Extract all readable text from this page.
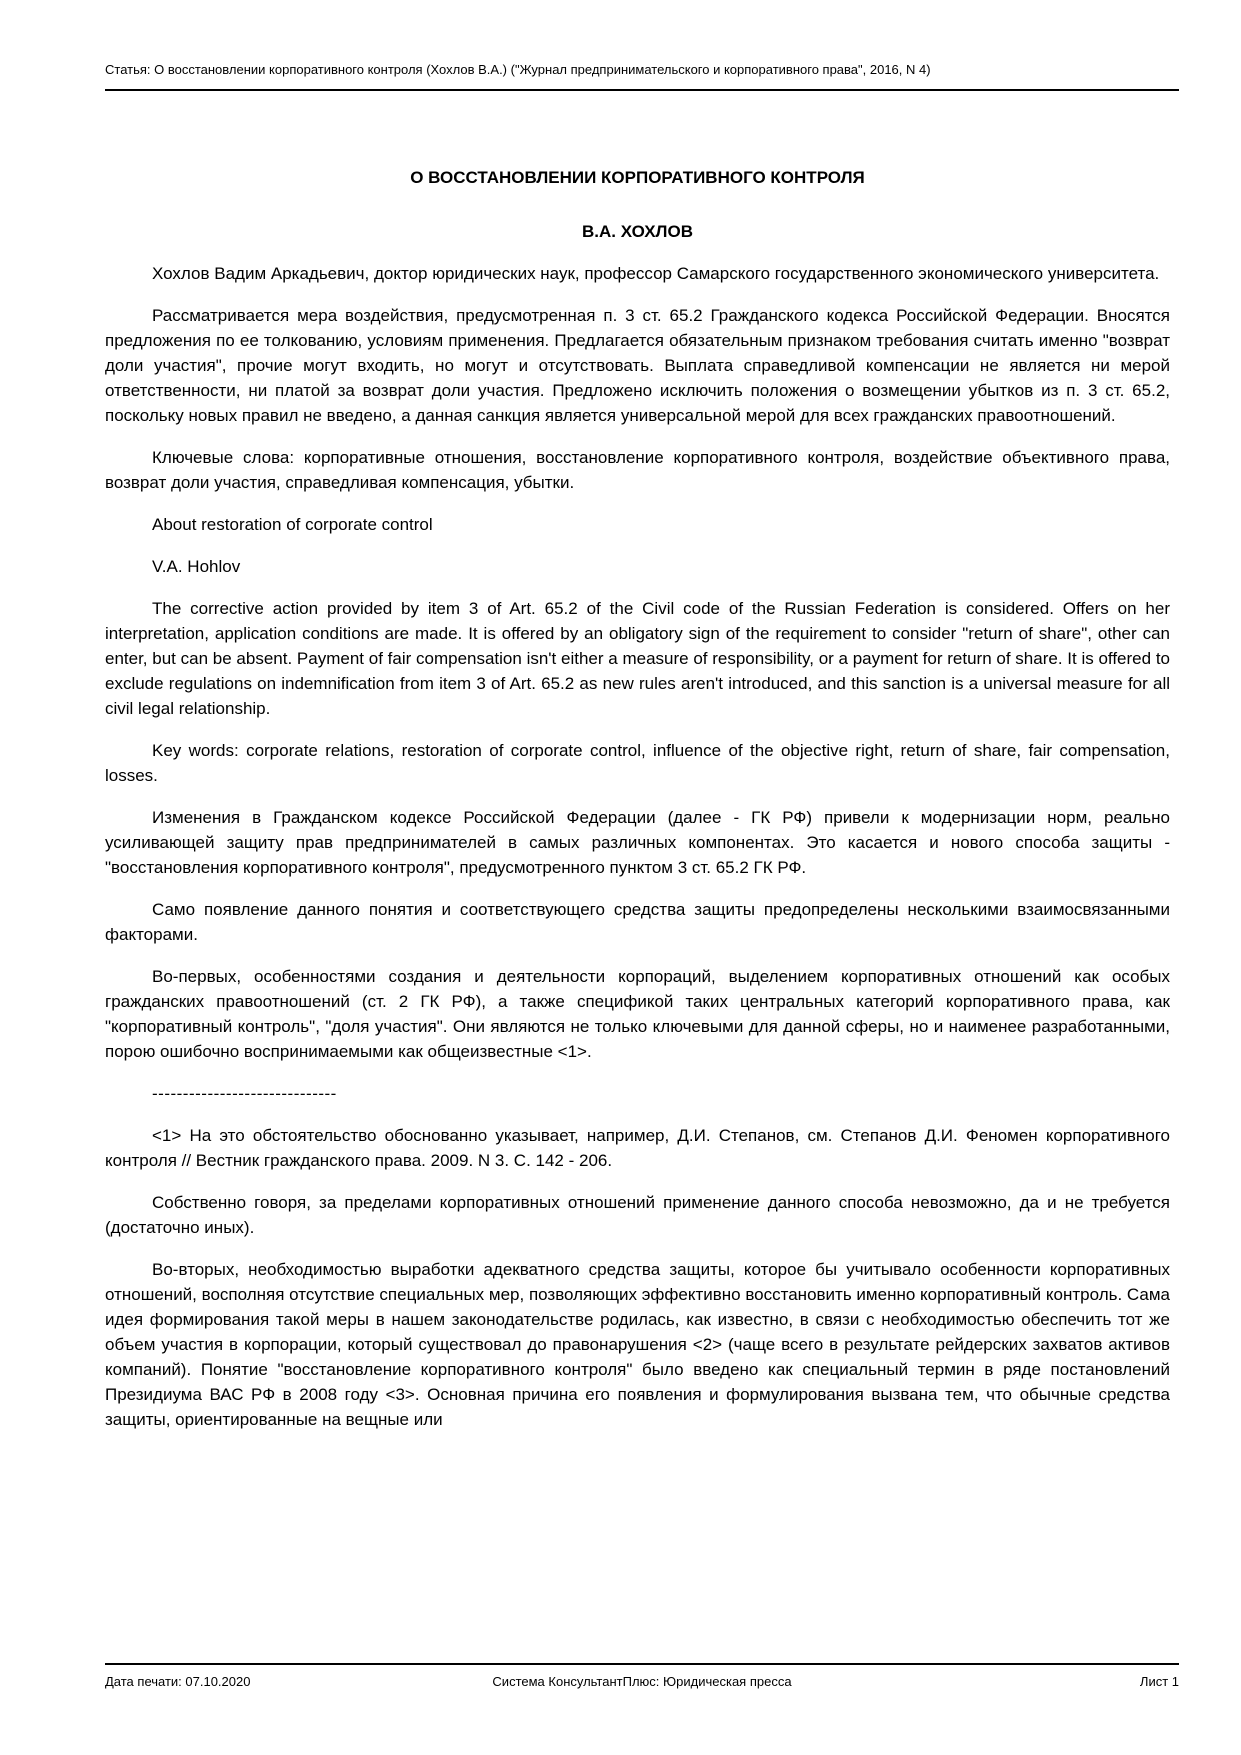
Статья: О восстановлении корпоративного контроля (Хохлов В.А.) ("Журнал предпринимательского и корпоративного права", 2016, N 4)

О ВОССТАНОВЛЕНИИ КОРПОРАТИВНОГО КОНТРОЛЯ

В.А. ХОХЛОВ

Хохлов Вадим Аркадьевич, доктор юридических наук, профессор Самарского государственного экономического университета.

Рассматривается мера воздействия, предусмотренная п. 3 ст. 65.2 Гражданского кодекса Российской Федерации. Вносятся предложения по ее толкованию, условиям применения. Предлагается обязательным признаком требования считать именно "возврат доли участия", прочие могут входить, но могут и отсутствовать. Выплата справедливой компенсации не является ни мерой ответственности, ни платой за возврат доли участия. Предложено исключить положения о возмещении убытков из п. 3 ст. 65.2, поскольку новых правил не введено, а данная санкция является универсальной мерой для всех гражданских правоотношений.

Ключевые слова: корпоративные отношения, восстановление корпоративного контроля, воздействие объективного права, возврат доли участия, справедливая компенсация, убытки.

About restoration of corporate control

V.A. Hohlov

The corrective action provided by item 3 of Art. 65.2 of the Civil code of the Russian Federation is considered. Offers on her interpretation, application conditions are made. It is offered by an obligatory sign of the requirement to consider "return of share", other can enter, but can be absent. Payment of fair compensation isn't either a measure of responsibility, or a payment for return of share. It is offered to exclude regulations on indemnification from item 3 of Art. 65.2 as new rules aren't introduced, and this sanction is a universal measure for all civil legal relationship.

Key words: corporate relations, restoration of corporate control, influence of the objective right, return of share, fair compensation, losses.

Изменения в Гражданском кодексе Российской Федерации (далее - ГК РФ) привели к модернизации норм, реально усиливающей защиту прав предпринимателей в самых различных компонентах. Это касается и нового способа защиты - "восстановления корпоративного контроля", предусмотренного пунктом 3 ст. 65.2 ГК РФ.

Само появление данного понятия и соответствующего средства защиты предопределены несколькими взаимосвязанными факторами.

Во-первых, особенностями создания и деятельности корпораций, выделением корпоративных отношений как особых гражданских правоотношений (ст. 2 ГК РФ), а также спецификой таких центральных категорий корпоративного права, как "корпоративный контроль", "доля участия". Они являются не только ключевыми для данной сферы, но и наименее разработанными, порою ошибочно воспринимаемыми как общеизвестные <1>.

------------------------------

<1> На это обстоятельство обоснованно указывает, например, Д.И. Степанов, см. Степанов Д.И. Феномен корпоративного контроля // Вестник гражданского права. 2009. N 3. С. 142 - 206.

Собственно говоря, за пределами корпоративных отношений применение данного способа невозможно, да и не требуется (достаточно иных).

Во-вторых, необходимостью выработки адекватного средства защиты, которое бы учитывало особенности корпоративных отношений, восполняя отсутствие специальных мер, позволяющих эффективно восстановить именно корпоративный контроль. Сама идея формирования такой меры в нашем законодательстве родилась, как известно, в связи с необходимостью обеспечить тот же объем участия в корпорации, который существовал до правонарушения <2> (чаще всего в результате рейдерских захватов активов компаний). Понятие "восстановление корпоративного контроля" было введено как специальный термин в ряде постановлений Президиума ВАС РФ в 2008 году <3>. Основная причина его появления и формулирования вызвана тем, что обычные средства защиты, ориентированные на вещные или

Дата печати: 07.10.2020	Система КонсультантПлюс: Юридическая пресса	Лист 1
